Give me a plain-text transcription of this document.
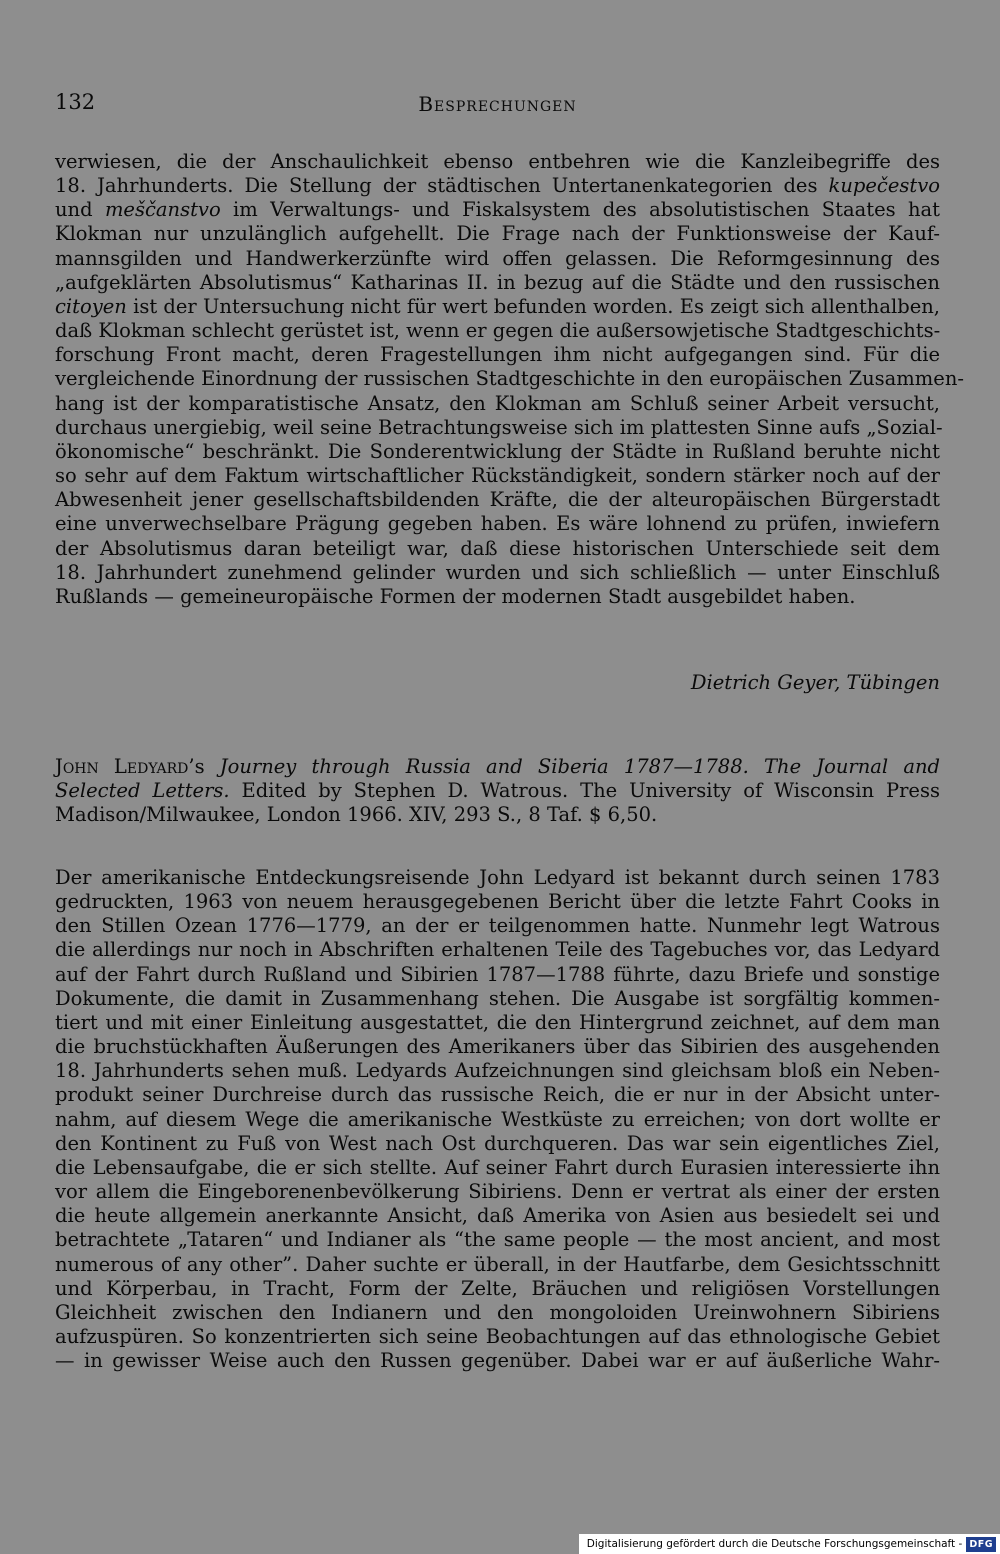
132	Besprechungen
verwiesen, die der Anschaulichkeit ebenso entbehren wie die Kanzleibegriffe des
18. Jahrhunderts. Die Stellung der städtischen Untertanenkategorien des kupečestvo
und meščanstvo im Verwaltungs- und Fiskalsystem des absolutistischen Staates hat
Klokman nur unzulänglich aufgehellt. Die Frage nach der Funktionsweise der Kauf-
mannsgilden und Handwerkerzünfte wird offen gelassen. Die Reformgesinnung des
„aufgeklärten Absolutismus“ Katharinas II. in bezug auf die Städte und den russischen
citoyen ist der Untersuchung nicht für wert befunden worden. Es zeigt sich allenthalben,
daß Klokman schlecht gerüstet ist, wenn er gegen die außersowjetische Stadtgeschichts-
forschung Front macht, deren Fragestellungen ihm nicht aufgegangen sind. Für die
vergleichende Einordnung der russischen Stadtgeschichte in den europäischen Zusammen-
hang ist der komparatistische Ansatz, den Klokman am Schluß seiner Arbeit versucht,
durchaus unergiebig, weil seine Betrachtungsweise sich im plattesten Sinne aufs „Sozial-
ökonomische“ beschränkt. Die Sonderentwicklung der Städte in Rußland beruhte nicht
so sehr auf dem Faktum wirtschaftlicher Rückständigkeit, sondern stärker noch auf der
Abwesenheit jener gesellschaftsbildenden Kräfte, die der alteuropäischen Bürgerstadt
eine unverwechselbare Prägung gegeben haben. Es wäre lohnend zu prüfen, inwiefern
der Absolutismus daran beteiligt war, daß diese historischen Unterschiede seit dem
18. Jahrhundert zunehmend gelinder wurden und sich schließlich — unter Einschluß
Rußlands — gemeineuropäische Formen der modernen Stadt ausgebildet haben.
Dietrich Geyer, Tübingen
John Ledyard’s Journey through Russia and Siberia 1787—1788. The Journal and
Selected Letters. Edited by Stephen D. Watrous. The University of Wisconsin Press
Madison/Milwaukee, London 1966. XIV, 293 S., 8 Taf. $ 6,50.
Der amerikanische Entdeckungsreisende John Ledyard ist bekannt durch seinen 1783
gedruckten, 1963 von neuem herausgegebenen Bericht über die letzte Fahrt Cooks in
den Stillen Ozean 1776—1779, an der er teilgenommen hatte. Nunmehr legt Watrous
die allerdings nur noch in Abschriften erhaltenen Teile des Tagebuches vor, das Ledyard
auf der Fahrt durch Rußland und Sibirien 1787—1788 führte, dazu Briefe und sonstige
Dokumente, die damit in Zusammenhang stehen. Die Ausgabe ist sorgfältig kommen-
tiert und mit einer Einleitung ausgestattet, die den Hintergrund zeichnet, auf dem man
die bruchstückhaften Äußerungen des Amerikaners über das Sibirien des ausgehenden
18. Jahrhunderts sehen muß. Ledyards Aufzeichnungen sind gleichsam bloß ein Neben-
produkt seiner Durchreise durch das russische Reich, die er nur in der Absicht unter-
nahm, auf diesem Wege die amerikanische Westküste zu erreichen; von dort wollte er
den Kontinent zu Fuß von West nach Ost durchqueren. Das war sein eigentliches Ziel,
die Lebensaufgabe, die er sich stellte. Auf seiner Fahrt durch Eurasien interessierte ihn
vor allem die Eingeborenenbevölkerung Sibiriens. Denn er vertrat als einer der ersten
die heute allgemein anerkannte Ansicht, daß Amerika von Asien aus besiedelt sei und
betrachtete „Tataren“ und Indianer als “the same people — the most ancient, and most
numerous of any other”. Daher suchte er überall, in der Hautfarbe, dem Gesichtsschnitt
und Körperbau, in Tracht, Form der Zelte, Bräuchen und religiösen Vorstellungen
Gleichheit zwischen den Indianern und den mongoloiden Ureinwohnern Sibiriens
aufzuspüren. So konzentrierten sich seine Beobachtungen auf das ethnologische Gebiet
— in gewisser Weise auch den Russen gegenüber. Dabei war er auf äußerliche Wahr-
Digitalisierung gefördert durch die Deutsche Forschungsgemeinschaft - DFG
